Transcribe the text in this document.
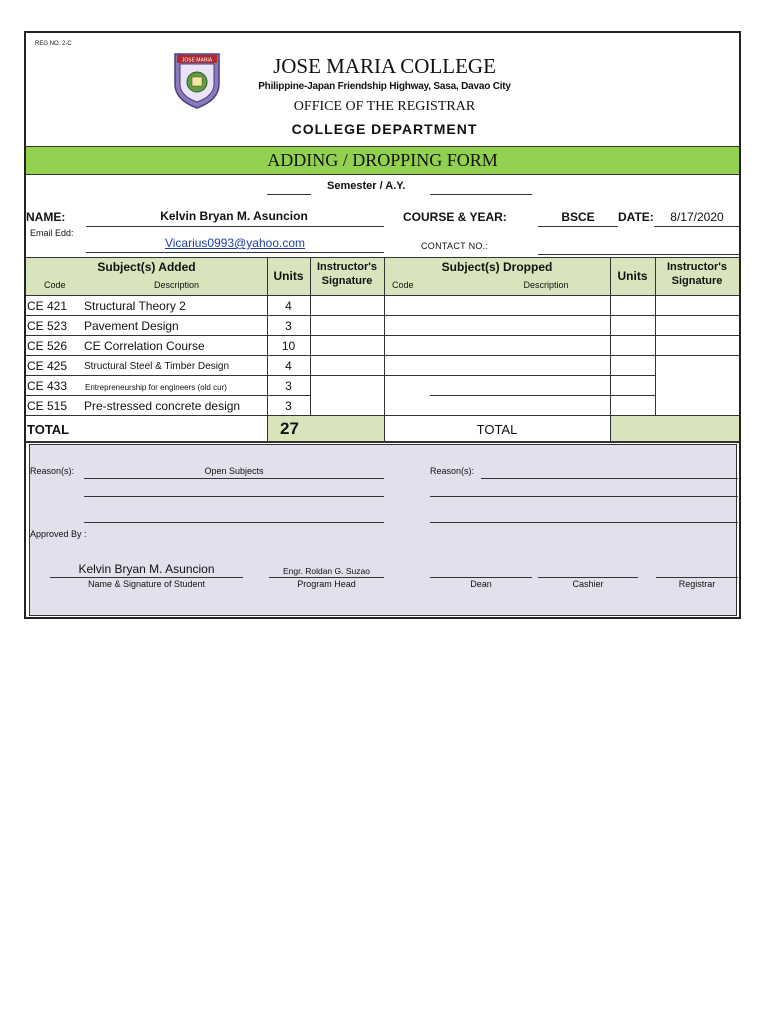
REG NO. 2-C
JOSE MARIA	JOSE MARIA COLLEGE
Philippine-Japan Friendship Highway, Sasa, Davao City
OFFICE OF THE REGISTRAR
COLLEGE DEPARTMENT
ADDING / DROPPING FORM
Semester / A.Y.
NAME:	Kelvin Bryan M. Asuncion	COURSE & YEAR:	BSCE	DATE:	8/17/2020
Email Edd:
Vicarius0993@yahoo.com	CONTACT NO.:
Subject(s) Added
Code	Description
Units
Instructor's
Signature
Subject(s) Dropped
Code	Description
Units
Instructor's
Signature
CE 421 Structural Theory 2	4
CE 523 Pavement Design	3
CE 526 CE Correlation Course	10
CE 425 Structural Steel & Timber Design	4
CE 433 Entrepreneurship for engineers (old cur)	3
CE 515 Pre-stressed concrete design	3
TOTAL	27	TOTAL
Reason(s):	Open Subjects	Reason(s):
Approved By :
Kelvin Bryan M. Asuncion
Name & Signature of Student
Engr. Roldan G. Suzao
Program Head	Dean	Cashier	Registrar
